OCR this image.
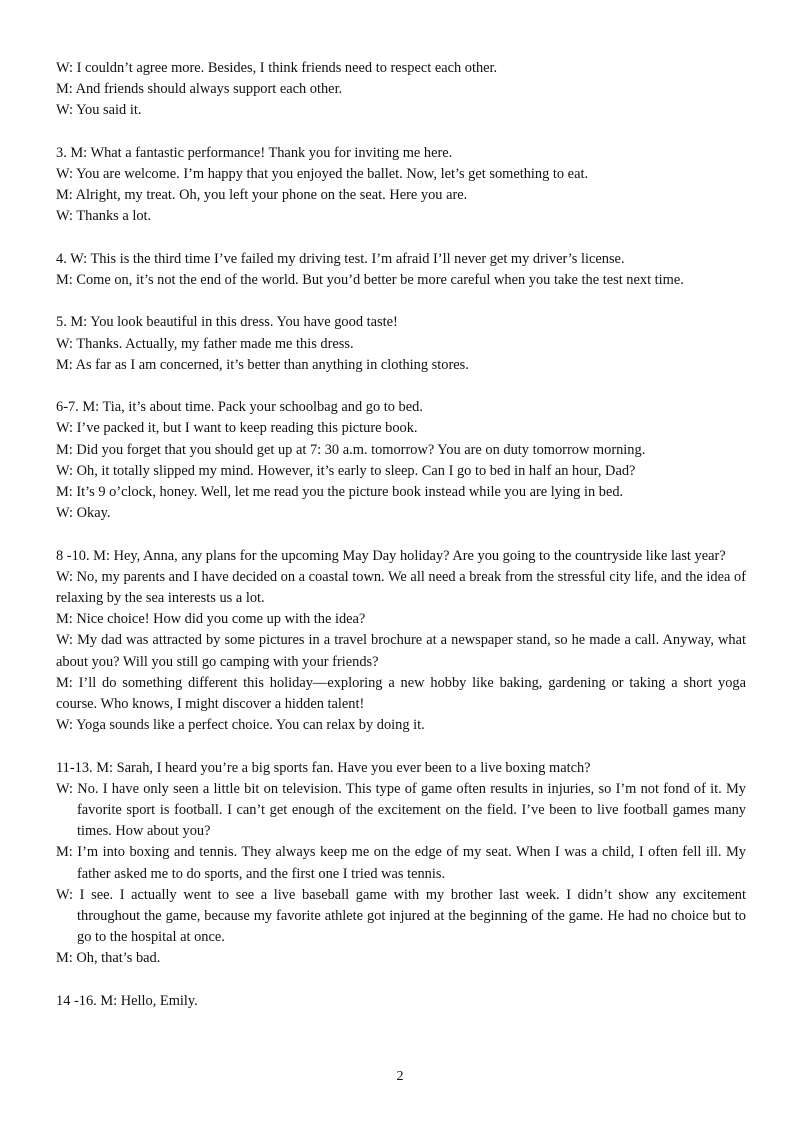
W: I couldn’t agree more. Besides, I think friends need to respect each other.
M: And friends should always support each other.
W: You said it.
3. M: What a fantastic performance! Thank you for inviting me here.
W: You are welcome. I’m happy that you enjoyed the ballet. Now, let’s get something to eat.
M: Alright, my treat. Oh, you left your phone on the seat. Here you are.
W: Thanks a lot.
4. W: This is the third time I’ve failed my driving test. I’m afraid I’ll never get my driver’s license.
M: Come on, it’s not the end of the world. But you’d better be more careful when you take the test next time.
5. M: You look beautiful in this dress. You have good taste!
W: Thanks. Actually, my father made me this dress.
M: As far as I am concerned, it’s better than anything in clothing stores.
6-7. M: Tia, it’s about time. Pack your schoolbag and go to bed.
W: I’ve packed it, but I want to keep reading this picture book.
M: Did you forget that you should get up at 7: 30 a.m. tomorrow? You are on duty tomorrow morning.
W: Oh, it totally slipped my mind. However, it’s early to sleep. Can I go to bed in half an hour, Dad?
M: It’s 9 o’clock, honey. Well, let me read you the picture book instead while you are lying in bed.
W: Okay.
8 -10. M: Hey, Anna, any plans for the upcoming May Day holiday? Are you going to the countryside like last year?
W: No, my parents and I have decided on a coastal town. We all need a break from the stressful city life, and the idea of relaxing by the sea interests us a lot.
M: Nice choice! How did you come up with the idea?
W: My dad was attracted by some pictures in a travel brochure at a newspaper stand, so he made a call. Anyway, what about you? Will you still go camping with your friends?
M: I’ll do something different this holiday—exploring a new hobby like baking, gardening or taking a short yoga course. Who knows, I might discover a hidden talent!
W: Yoga sounds like a perfect choice. You can relax by doing it.
11-13. M: Sarah, I heard you’re a big sports fan. Have you ever been to a live boxing match?
W: No. I have only seen a little bit on television. This type of game often results in injuries, so I’m not fond of it. My favorite sport is football. I can’t get enough of the excitement on the field. I’ve been to live football games many times. How about you?
M: I’m into boxing and tennis. They always keep me on the edge of my seat. When I was a child, I often fell ill. My father asked me to do sports, and the first one I tried was tennis.
W: I see. I actually went to see a live baseball game with my brother last week. I didn’t show any excitement throughout the game, because my favorite athlete got injured at the beginning of the game. He had no choice but to go to the hospital at once.
M: Oh, that’s bad.
14 -16. M: Hello, Emily.
2
